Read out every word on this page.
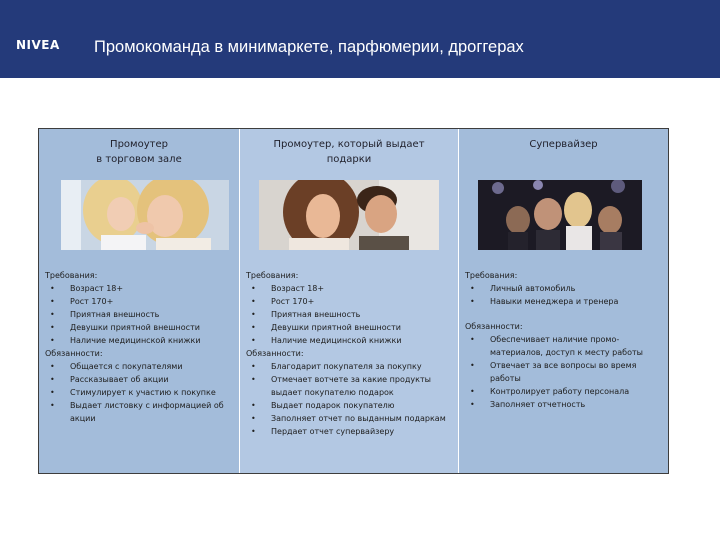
NIVEA Промокоманда в минимаркете, парфюмерии, дроггерах
Промоутер
в торговом зале
Требования:
• Возраст 18+
• Рост 170+
• Приятная внешность
• Девушки приятной внешности
• Наличие медицинской книжки
Обязанности:
• Общается с покупателями
• Рассказывает об акции
• Стимулирует к участию к покупке
• Выдает листовку с информацией об акции
Промоутер, который выдает
подарки
Требования:
• Возраст 18+
• Рост 170+
• Приятная внешность
• Девушки приятной внешности
• Наличие медицинской книжки
Обязанности:
• Благодарит покупателя за покупку
• Отмечает вотчете за какие продукты выдает покупателю подарок
• Выдает подарок покупателю
• Заполняет отчет по выданным подаркам
• Пердает отчет супервайзеру
Супервайзер
Требования:
• Личный автомобиль
• Навыки менеджера и тренера
Обязанности:
• Обеспечивает наличие промо-материалов, доступ к месту работы
• Отвечает за все вопросы во время работы
• Контролирует работу персонала
• Заполняет отчетность
